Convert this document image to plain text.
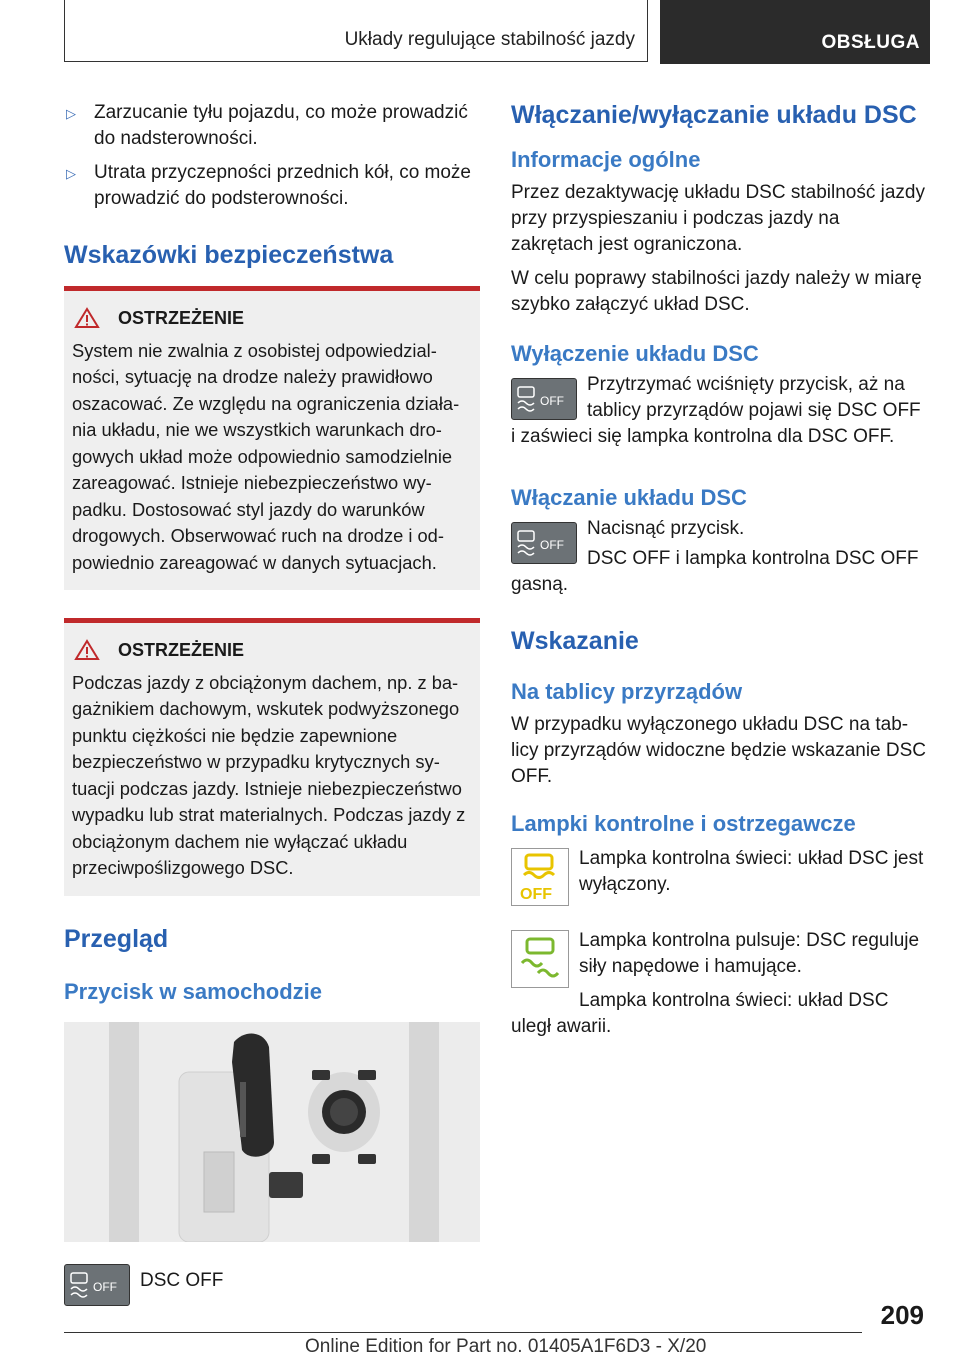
Układy regulujące stabilność jazdy	OBSŁUGA
▷ Zarzucanie tyłu pojazdu, co może prowadzić do nadsterowności.
▷ Utrata przyczepności przednich kół, co może prowadzić do podsterowności.
Wskazówki bezpieczeństwa
OSTRZEŻENIE
System nie zwalnia z osobistej odpowiedzialności, sytuację na drodze należy prawidłowo oszacować. Ze względu na ograniczenia działania układu, nie we wszystkich warunkach drogowych układ może odpowiednio samodzielnie zareagować. Istnieje niebezpieczeństwo wypadku. Dostosować styl jazdy do warunków drogowych. Obserwować ruch na drodze i odpowiednio zareagować w danych sytuacjach.
OSTRZEŻENIE
Podczas jazdy z obciążonym dachem, np. z bagażnikiem dachowym, wskutek podwyższonego punktu ciężkości nie będzie zapewnione bezpieczeństwo w przypadku krytycznych sytuacji podczas jazdy. Istnieje niebezpieczeństwo wypadku lub strat materialnych. Podczas jazdy z obciążonym dachem nie wyłączać układu przeciwpoślizgowego DSC.
Przegląd
Przycisk w samochodzie
OFF	DSC OFF

Włączanie/wyłączanie układu DSC
Informacje ogólne

Przez dezaktywację układu DSC stabilność jazdy przy przyspieszaniu i podczas jazdy na zakrętach jest ograniczona.

W celu poprawy stabilności jazdy należy w miarę szybko załączyć układ DSC.

Wyłączenie układu DSC
OFF

Przytrzymać wciśnięty przycisk, aż na tablicy przyrządów pojawi się DSC OFF i zaświeci się lampka kontrolna dla DSC OFF.

Włączanie układu DSC
OFF

Nacisnąć przycisk.

DSC OFF i lampka kontrolna DSC OFF gasną.

Wskazanie
Na tablicy przyrządów

W przypadku wyłączonego układu DSC na tablicy przyrządów widoczne będzie wskazanie DSC OFF.

Lampki kontrolne i ostrzegawcze
OFF

Lampka kontrolna świeci: układ DSC jest wyłączony.

Lampka kontrolna pulsuje: DSC reguluje siły napędowe i hamujące.

Lampka kontrolna świeci: układ DSC uległ awarii.

209
Online Edition for Part no. 01405A1F6D3 - X/20
